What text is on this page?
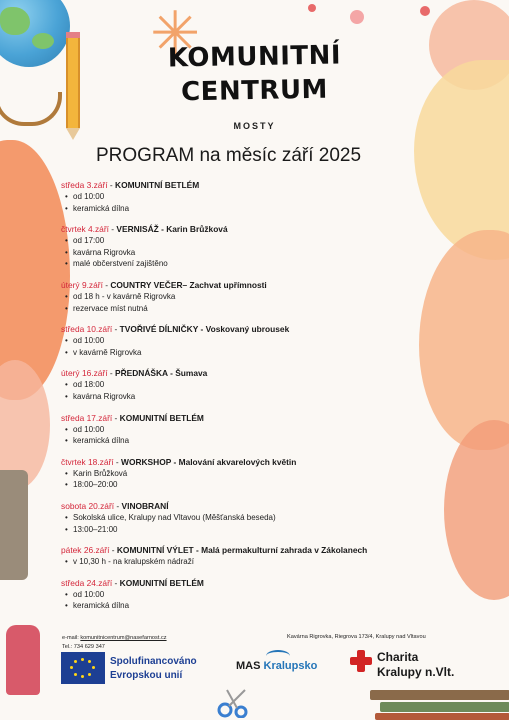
✳
KOMUNITNÍ
CENTRUM
MOSTY
PROGRAM na měsíc září 2025
středa 3.září - KOMUNITNÍ BETLÉM
• od 10:00
• keramická dílna
čtvrtek 4.září - VERNISÁŽ - Karin Brůžková
• od 17:00
• kavárna Rigrovka
• malé občerstvení zajištěno
úterý 9.září - COUNTRY VEČER– Zachvat upřímnosti
• od 18 h - v kavárně Rigrovka
• rezervace míst nutná
středa 10.září - TVOŘIVÉ DÍLNIČKY - Voskovaný ubrousek
• od 10:00
• v kavárně Rigrovka
úterý 16.září - PŘEDNÁŠKA - Šumava
• od 18:00
• kavárna Rigrovka
středa 17.září - KOMUNITNÍ BETLÉM
• od 10:00
• keramická dílna
čtvrtek 18.září - WORKSHOP - Malování akvarelových květin
• Karin Brůžková
• 18:00–20:00
sobota 20.září - VINOBRANÍ
• Sokolská ulice, Kralupy nad Vltavou (Měšťanská beseda)
• 13:00–21:00
pátek 26.září - KOMUNITNÍ VÝLET - Malá permakulturní zahrada v Zákolanech
• v 10,30 h - na kralupském nádraží
středa 24.září - KOMUNITNÍ BETLÉM
• od 10:00
• keramická dílna
e-mail: komunitnicentrum@nasefarnost.cz
Tel.: 734 629 347
Kavárna Rigrovka, Riegrova 173/4, Kralupy nad Vltavou
Spolufinancováno
Evropskou unií
MAS Kralupsko
Charita
Kralupy n.Vlt.
